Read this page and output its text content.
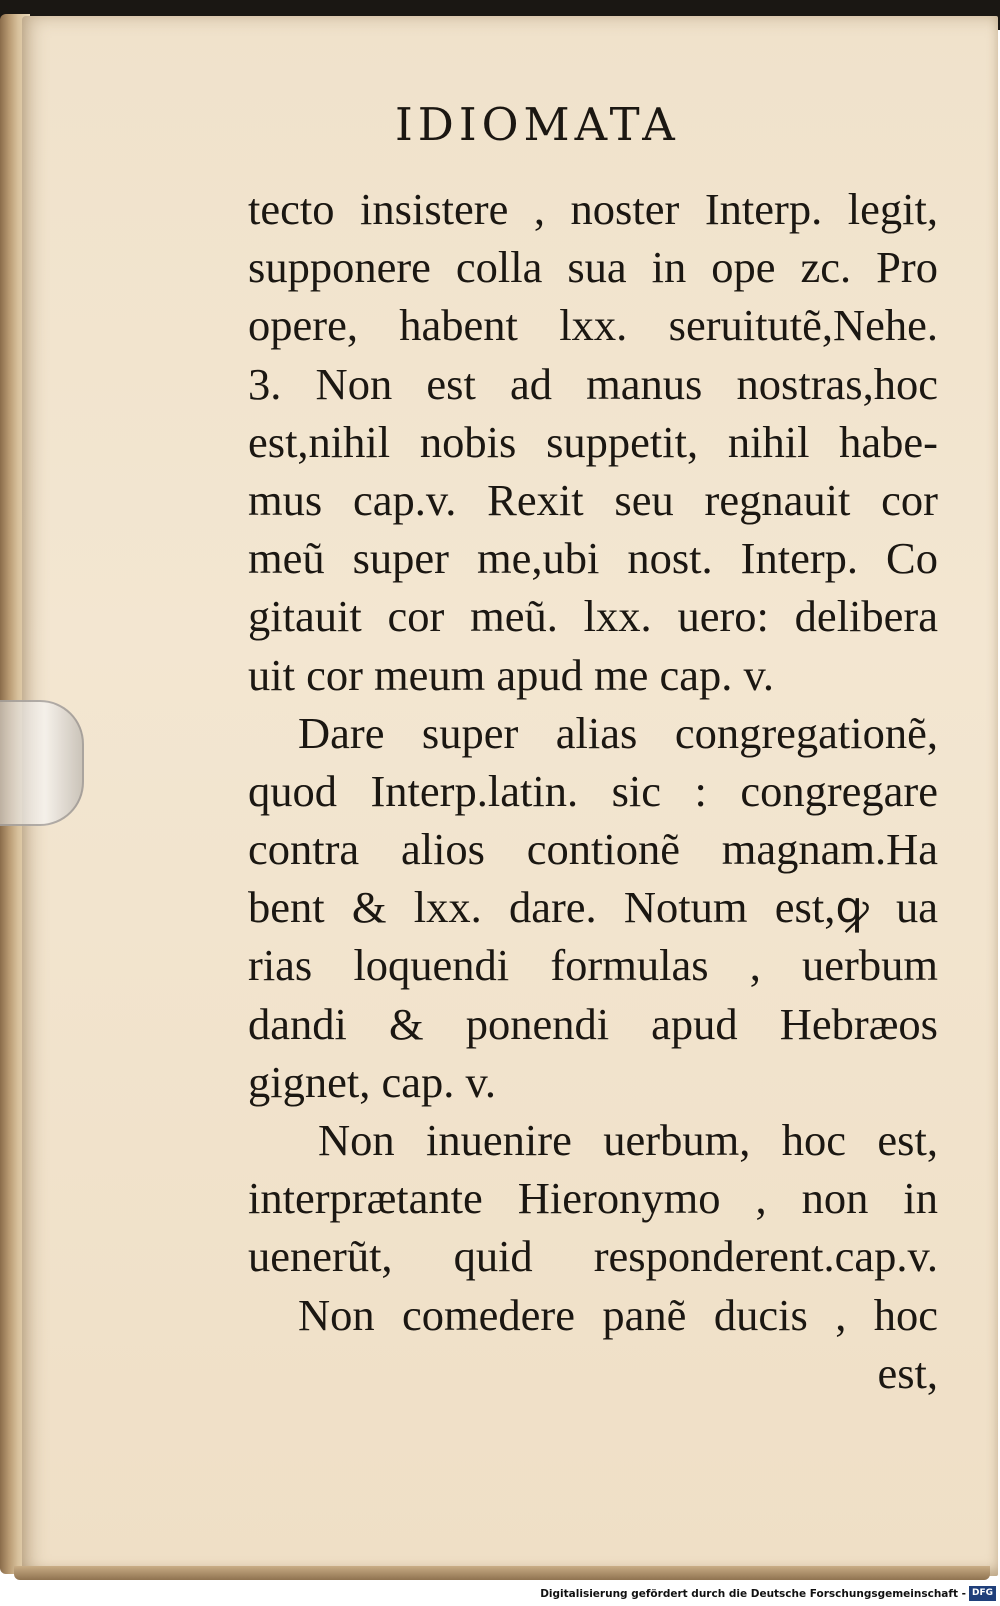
IDIOMATA
tecto insistere , noster Interp. legit,
supponere colla sua in ope zc. Pro
opere, habent lxx. seruitutẽ,Nehe.
3. Non est ad manus nostras,hoc
est,nihil nobis suppetit, nihil habe-
mus cap.v. Rexit seu regnauit cor
meũ super me,ubi nost. Interp. Co
gitauit cor meũ. lxx. uero: delibera
uit cor meum apud me cap. v.
Dare super alias congregationẽ,
quod Interp.latin. sic : congregare
contra alios contionẽ magnam.Ha
bent & lxx. dare. Notum est,ꝙ ua
rias loquendi formulas , uerbum
dandi & ponendi apud Hebræos
gignet, cap. v.
Non inuenire uerbum, hoc est,
interprætante Hieronymo , non in
uenerũt, quid responderent.cap.v.
Non comedere panẽ ducis , hoc
est,
Digitalisierung gefördert durch die Deutsche Forschungsgemeinschaft - DFG
